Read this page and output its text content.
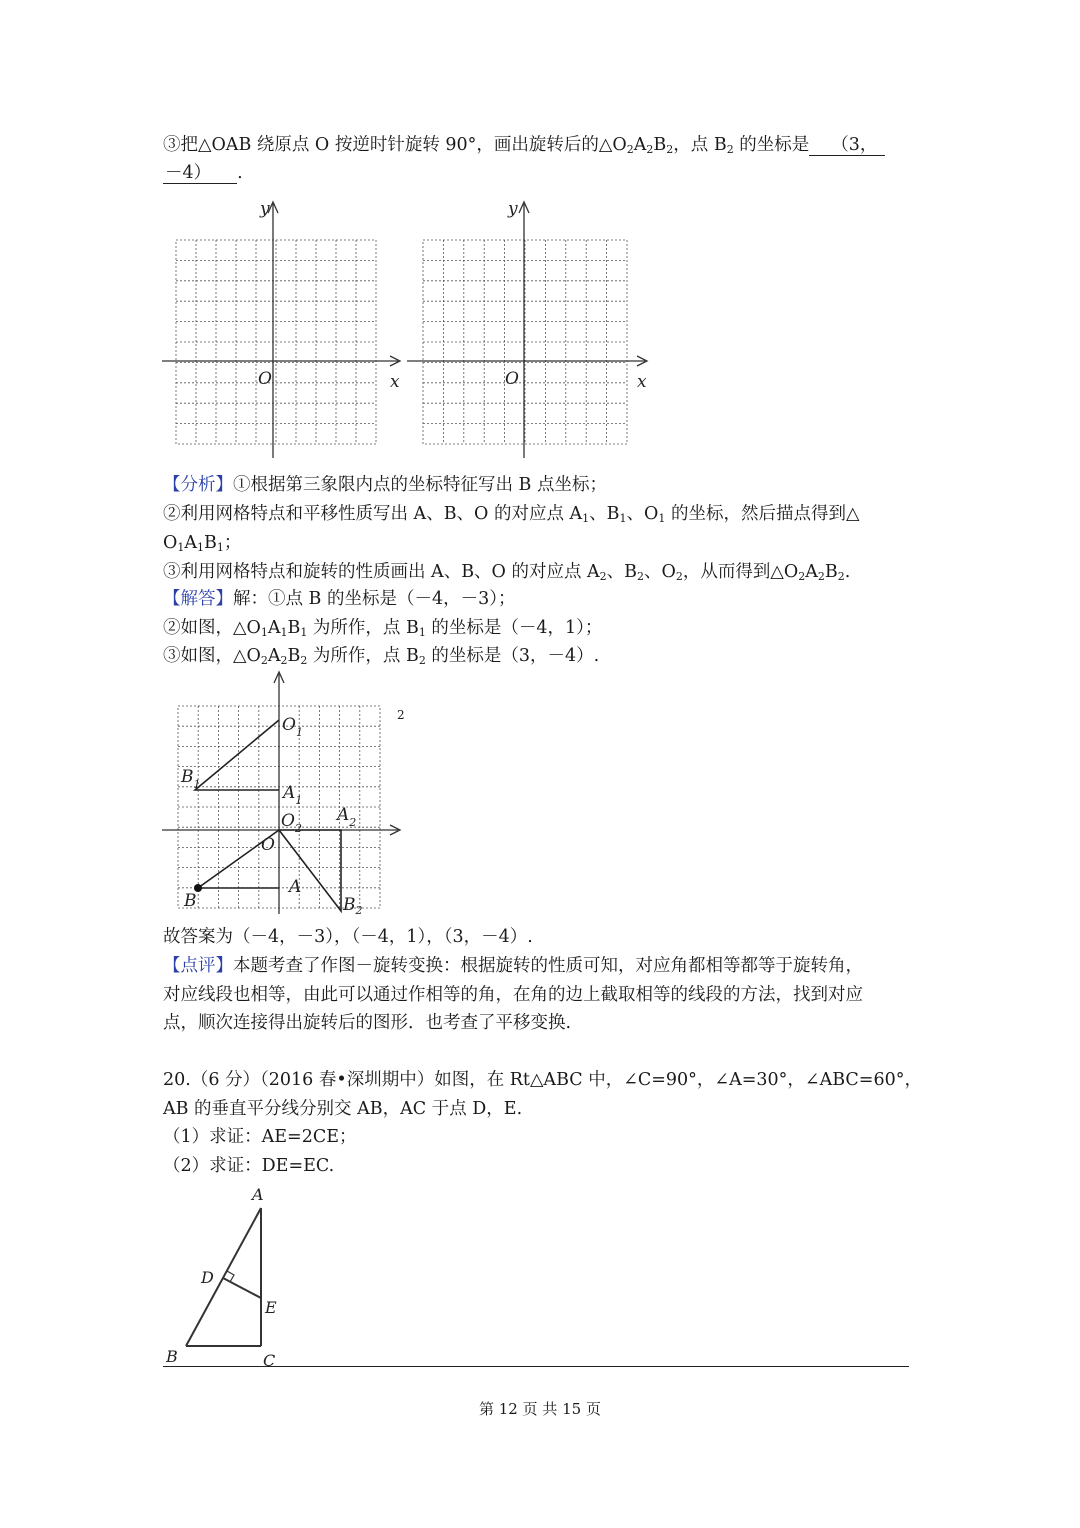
③把△OAB 绕原点 O 按逆时针旋转 90°，画出旋转后的$\triangle O_2A_2B_2$，点 $B_2$ 的坐标是 （3，
－4） .
x
y
O	x
y
O
【分析】①根据第三象限内点的坐标特征写出 B 点坐标；
②利用网格特点和平移性质写出 A、B、O 的对应点 $A_1$、$B_1$、$O_1$ 的坐标，然后描点得到△
$O_1A_1B_1$；
③利用网格特点和旋转的性质画出 A、B、O 的对应点 $A_2$、$B_2$、$O_2$，从而得到$\triangle O_2A_2B_2$.
【解答】解：①点 B 的坐标是（－4，－3）；
②如图，$\triangle O_1A_1B_1$ 为所作，点 $B_1$ 的坐标是（－4，1）；
③如图，$\triangle O_2A_2B_2$ 为所作，点 $B_2$ 的坐标是（3，－4）.
$O_1$
$B_1$	$A_1$
$O_2$
$A_2$
O
A
B	$B_2$
2
故答案为（－4，－3），（－4，1），（3，－4）.
【点评】本题考查了作图－旋转变换：根据旋转的性质可知，对应角都相等都等于旋转角，
对应线段也相等，由此可以通过作相等的角，在角的边上截取相等的线段的方法，找到对应
点，顺次连接得出旋转后的图形．也考查了平移变换.
20.（6 分）（2016 春•深圳期中）如图，在 Rt△ABC 中，∠C=90°，∠A=30°，∠ABC=60°，
AB 的垂直平分线分别交 AB，AC 于点 D，E.
（1）求证：AE=2CE；
（2）求证：DE=EC.
A
D
E
B	C
第 12 页 共 15 页
